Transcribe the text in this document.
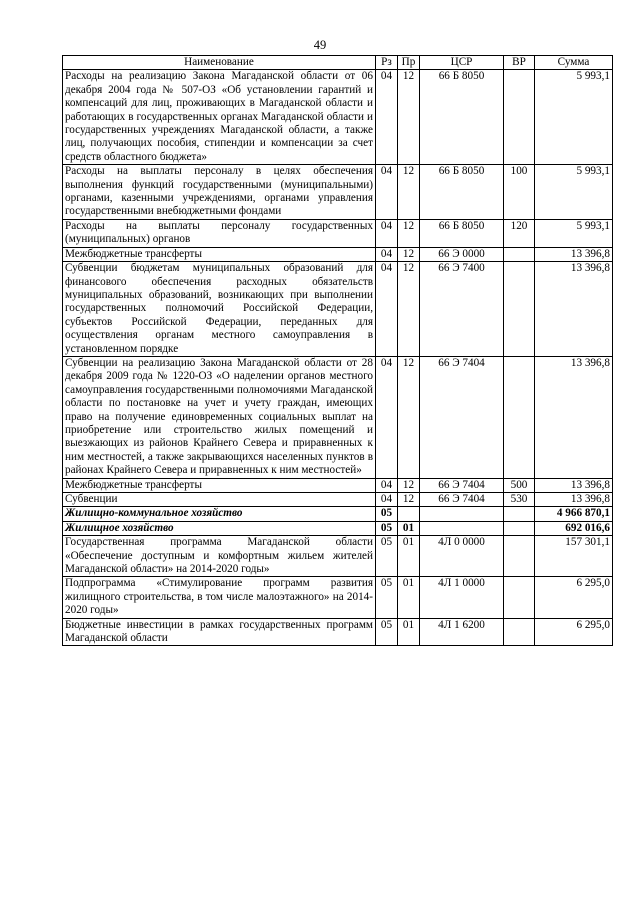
49
Наименование	Рз	Пр	ЦСР	ВР	Сумма
Расходы на реализацию Закона Магаданской области от 06 декабря 2004 года № 507-ОЗ «Об установлении гарантий и компенсаций для лиц, проживающих в Магаданской области и работающих в государственных органах Магаданской области и государственных учреждениях Магаданской области, а также лиц, получающих пособия, стипендии и компенсации за счет средств областного бюджета»	04	12	66 Б 8050		5 993,1
Расходы на выплаты персоналу в целях обеспечения выполнения функций государственными (муниципальными) органами, казенными учреждениями, органами управления государственными внебюджетными фондами	04	12	66 Б 8050	100	5 993,1
Расходы на выплаты персоналу государственных (муниципальных) органов	04	12	66 Б 8050	120	5 993,1
Межбюджетные трансферты	04	12	66 Э 0000		13 396,8
Субвенции бюджетам муниципальных образований для финансового обеспечения расходных обязательств муниципальных образований, возникающих при выполнении государственных полномочий Российской Федерации, субъектов Российской Федерации, переданных для осуществления органам местного самоуправления в установленном порядке	04	12	66 Э 7400		13 396,8
Субвенции на реализацию Закона Магаданской области от 28 декабря 2009 года № 1220-ОЗ «О наделении органов местного самоуправления государственными полномочиями Магаданской области по постановке на учет и учету граждан, имеющих право на получение единовременных социальных выплат на приобретение или строительство жилых помещений и выезжающих из районов Крайнего Севера и приравненных к ним местностей, а также закрывающихся населенных пунктов в районах Крайнего Севера и приравненных к ним местностей»	04	12	66 Э 7404		13 396,8
Межбюджетные трансферты	04	12	66 Э 7404	500	13 396,8
Субвенции	04	12	66 Э 7404	530	13 396,8
Жилищно-коммунальное хозяйство	05				4 966 870,1
Жилищное хозяйство	05	01			692 016,6
Государственная программа Магаданской области «Обеспечение доступным и комфортным жильем жителей Магаданской области» на 2014-2020 годы»	05	01	4Л 0 0000		157 301,1
Подпрограмма «Стимулирование программ развития жилищного строительства, в том числе малоэтажного» на 2014-2020 годы»	05	01	4Л 1 0000		6 295,0
Бюджетные инвестиции в рамках государственных программ Магаданской области	05	01	4Л 1 6200		6 295,0
